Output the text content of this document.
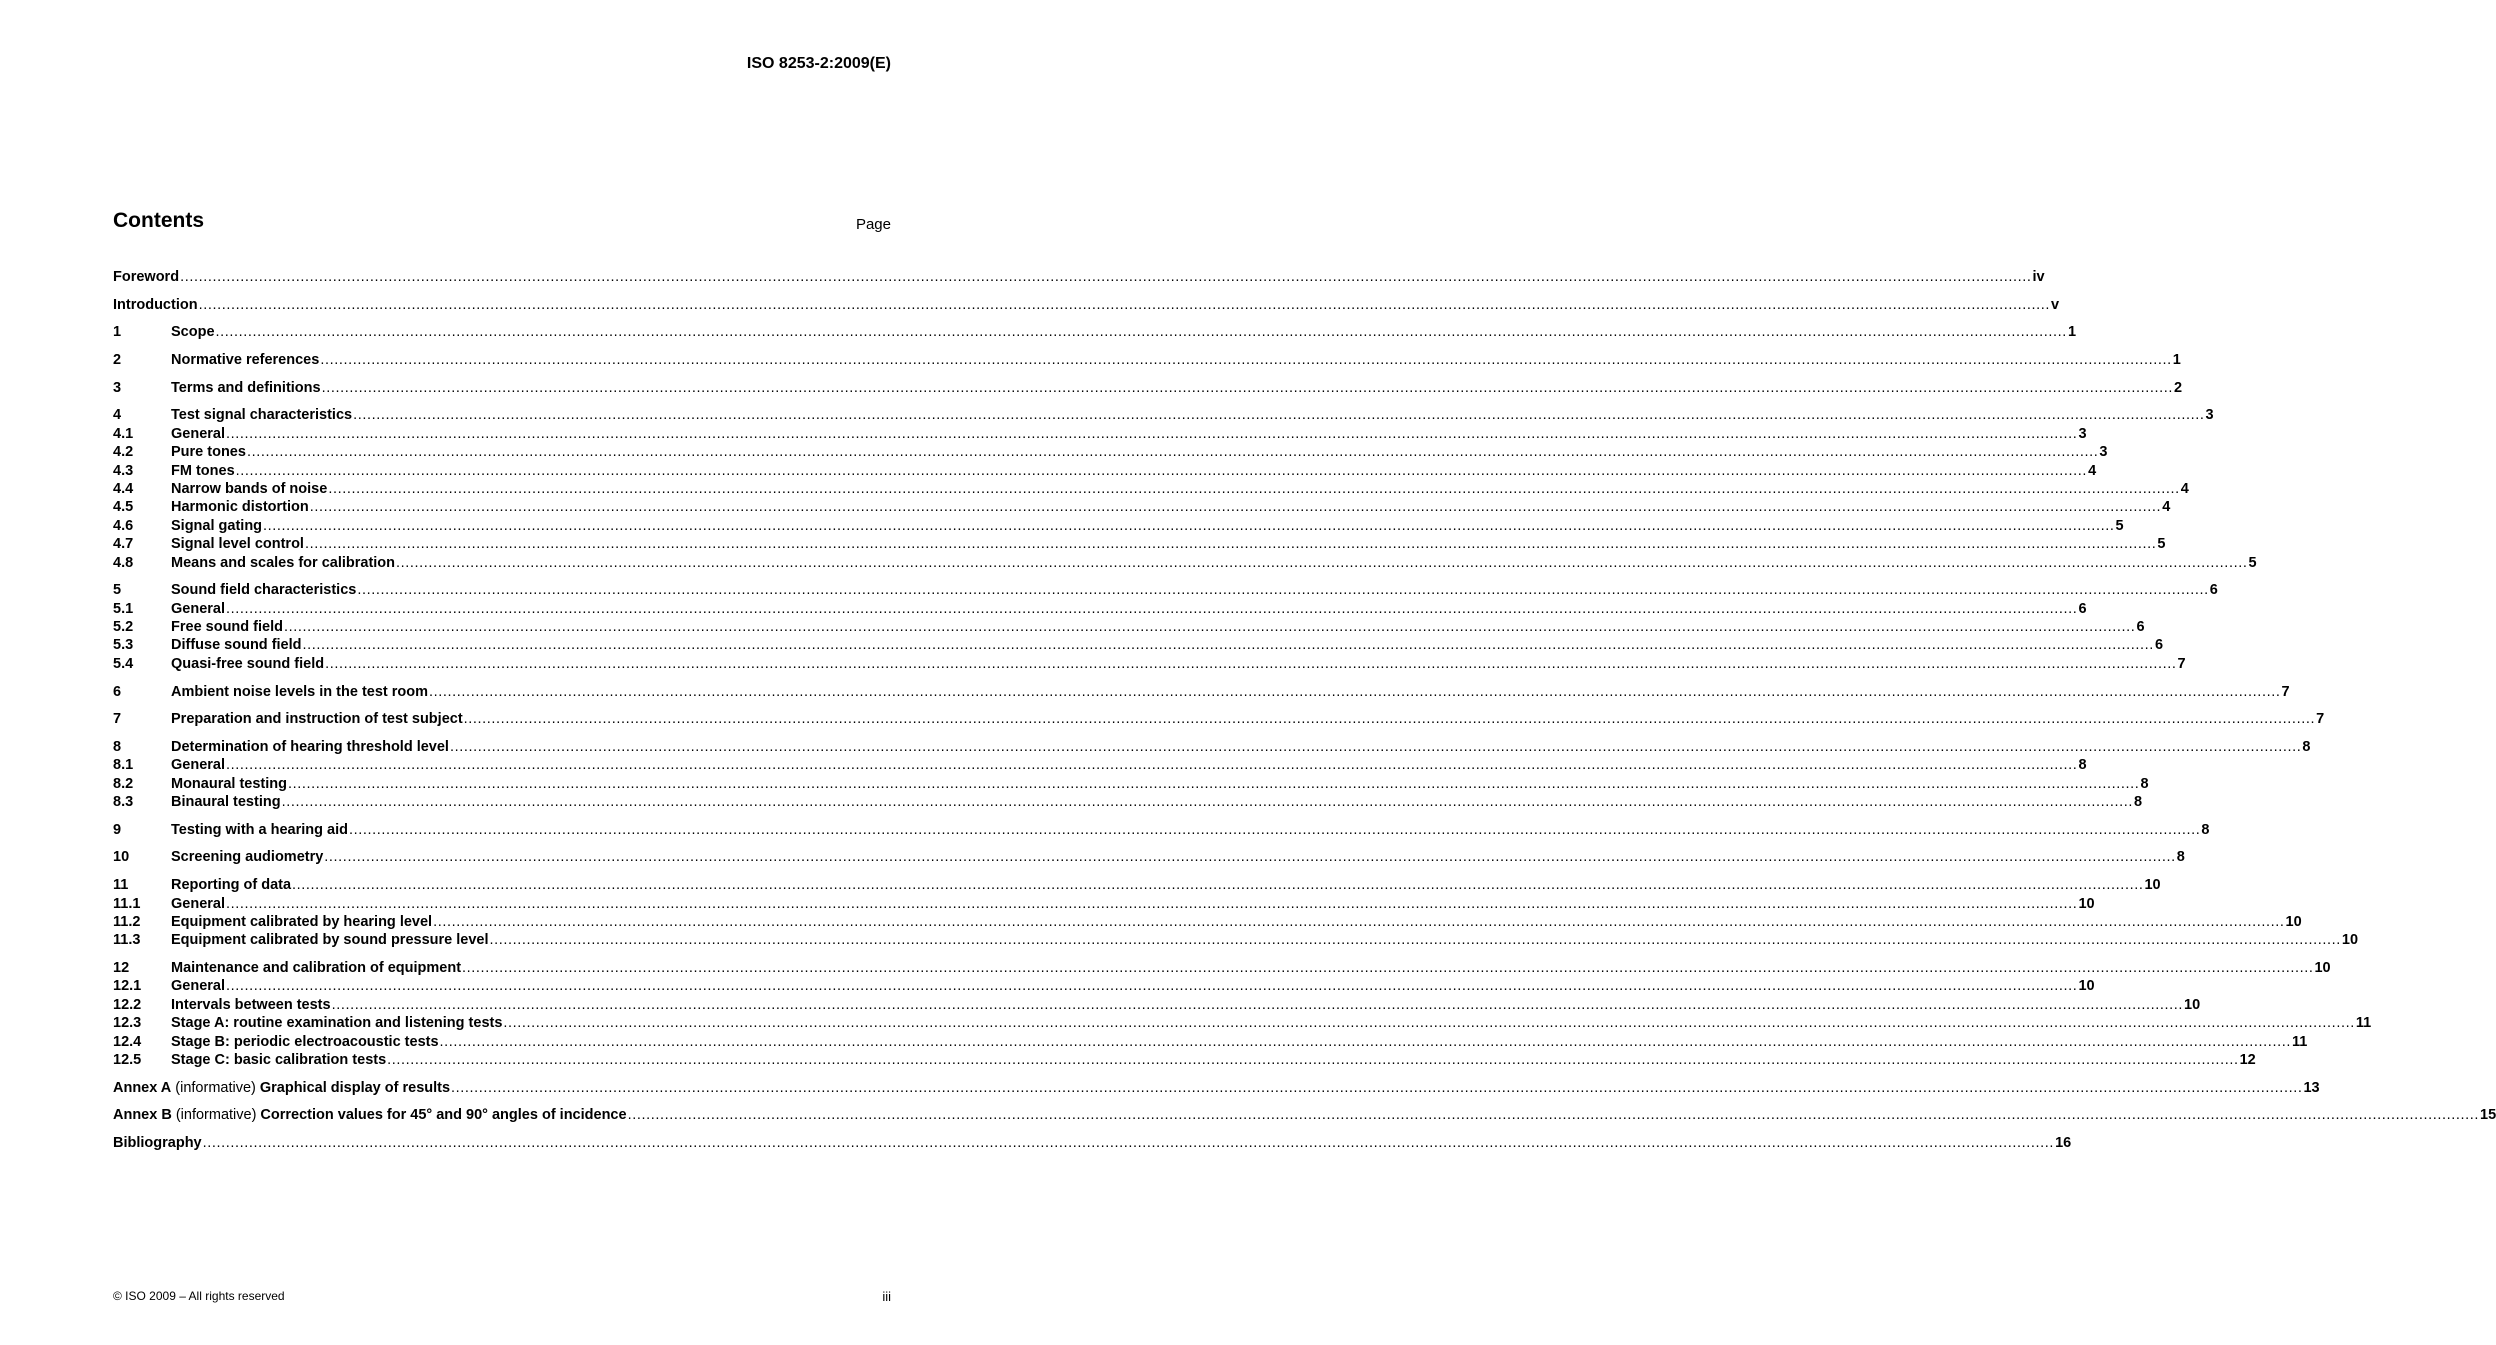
ISO 8253-2:2009(E)
Contents	Page
Foreword ................................................................................................................................................................................................................................................................................................................................................................................................................ iv
Introduction ................................................................................................................................................................................................................................................................................................................................................................................................................ v
1	Scope ................................................................................................................................................................................................................................................................................................................................................................................................................ 1
2	Normative references ................................................................................................................................................................................................................................................................................................................................................................................................................ 1
3	Terms and definitions ................................................................................................................................................................................................................................................................................................................................................................................................................ 2
4	Test signal characteristics ................................................................................................................................................................................................................................................................................................................................................................................................................ 3
4.1	General ................................................................................................................................................................................................................................................................................................................................................................................................................ 3
4.2	Pure tones ................................................................................................................................................................................................................................................................................................................................................................................................................ 3
4.3	FM tones ................................................................................................................................................................................................................................................................................................................................................................................................................ 4
4.4	Narrow bands of noise ................................................................................................................................................................................................................................................................................................................................................................................................................ 4
4.5	Harmonic distortion ................................................................................................................................................................................................................................................................................................................................................................................................................ 4
4.6	Signal gating ................................................................................................................................................................................................................................................................................................................................................................................................................ 5
4.7	Signal level control ................................................................................................................................................................................................................................................................................................................................................................................................................ 5
4.8	Means and scales for calibration ................................................................................................................................................................................................................................................................................................................................................................................................................ 5
5	Sound field characteristics ................................................................................................................................................................................................................................................................................................................................................................................................................ 6
5.1	General ................................................................................................................................................................................................................................................................................................................................................................................................................ 6
5.2	Free sound field ................................................................................................................................................................................................................................................................................................................................................................................................................ 6
5.3	Diffuse sound field ................................................................................................................................................................................................................................................................................................................................................................................................................ 6
5.4	Quasi-free sound field ................................................................................................................................................................................................................................................................................................................................................................................................................ 7
6	Ambient noise levels in the test room ................................................................................................................................................................................................................................................................................................................................................................................................................ 7
7	Preparation and instruction of test subject ................................................................................................................................................................................................................................................................................................................................................................................................................ 7
8	Determination of hearing threshold level ................................................................................................................................................................................................................................................................................................................................................................................................................ 8
8.1	General ................................................................................................................................................................................................................................................................................................................................................................................................................ 8
8.2	Monaural testing ................................................................................................................................................................................................................................................................................................................................................................................................................ 8
8.3	Binaural testing ................................................................................................................................................................................................................................................................................................................................................................................................................ 8
9	Testing with a hearing aid ................................................................................................................................................................................................................................................................................................................................................................................................................ 8
10	Screening audiometry ................................................................................................................................................................................................................................................................................................................................................................................................................ 8
11	Reporting of data ................................................................................................................................................................................................................................................................................................................................................................................................................ 10
11.1	General ................................................................................................................................................................................................................................................................................................................................................................................................................ 10
11.2	Equipment calibrated by hearing level ................................................................................................................................................................................................................................................................................................................................................................................................................ 10
11.3	Equipment calibrated by sound pressure level ................................................................................................................................................................................................................................................................................................................................................................................................................ 10
12	Maintenance and calibration of equipment ................................................................................................................................................................................................................................................................................................................................................................................................................ 10
12.1	General ................................................................................................................................................................................................................................................................................................................................................................................................................ 10
12.2	Intervals between tests ................................................................................................................................................................................................................................................................................................................................................................................................................ 10
12.3	Stage A: routine examination and listening tests ................................................................................................................................................................................................................................................................................................................................................................................................................ 11
12.4	Stage B: periodic electroacoustic tests ................................................................................................................................................................................................................................................................................................................................................................................................................ 11
12.5	Stage C: basic calibration tests ................................................................................................................................................................................................................................................................................................................................................................................................................ 12
Annex A (informative) Graphical display of results ................................................................................................................................................................................................................................................................................................................................................................................................................ 13
Annex B (informative) Correction values for 45° and 90° angles of incidence ................................................................................................................................................................................................................................................................................................................................................................................................................ 15
Bibliography ................................................................................................................................................................................................................................................................................................................................................................................................................ 16
© ISO 2009 – All rights reserved	iii
